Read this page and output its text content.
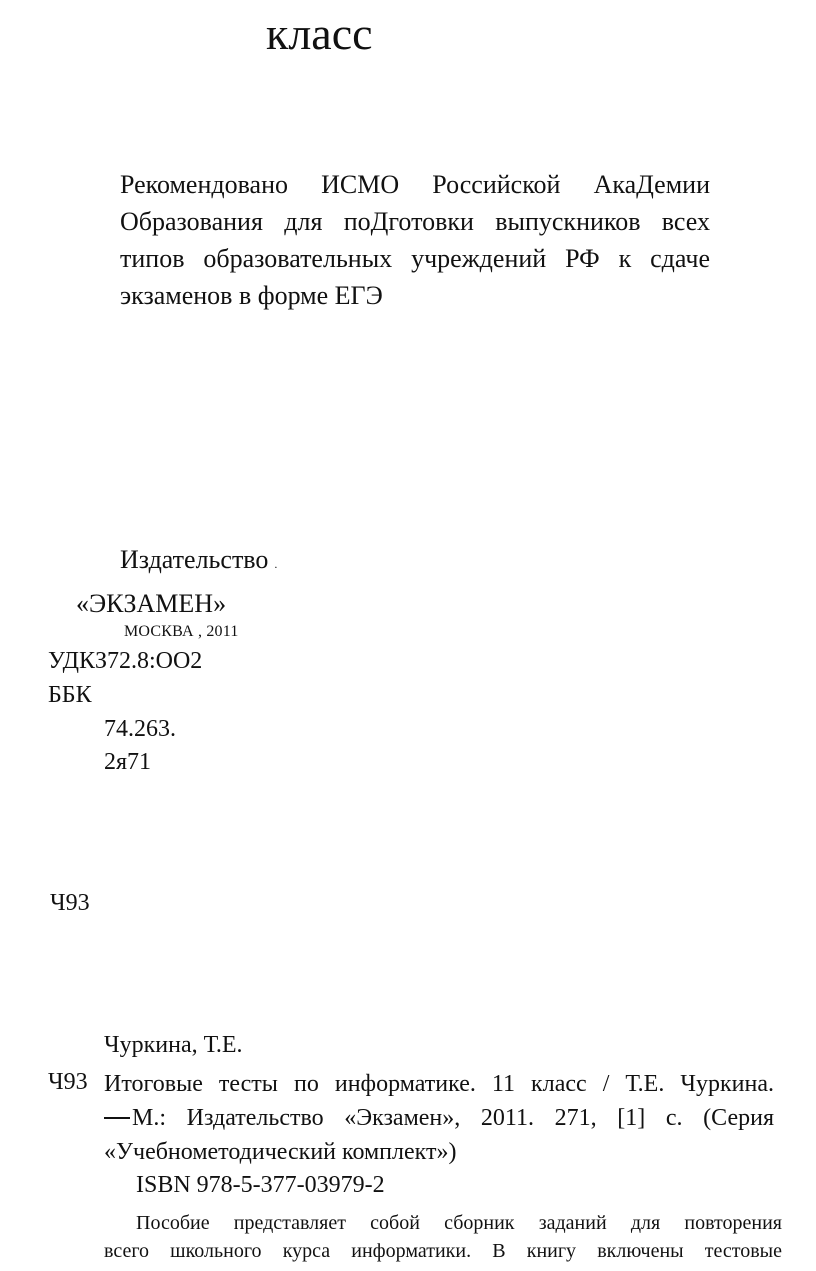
класс
Рекомендовано ИСМО Российской АкаДемии
Образования для поДготовки выпускников всех
типов образовательных учреждений РФ к сдаче
экзаменов в форме ЕГЭ
Издательство .
«ЭКЗАМЕН»
МОСКВА , 2011
УДКЗ72.8:OO2
ББК
74.263.
2я71
Ч93
Чуркина, Т.Е.
Ч93 Итоговые тесты по информатике. 11 класс / Т.Е. Чуркина.
М.: Издательство «Экзамен», 2011. 271, [1] с. (Серия
«Учебнометодический комплект»)
ISBN 978-5-377-03979-2
Пособие представляет собой сборник заданий для повторения
всего школьного курса информатики. В книгу включены тестовые
